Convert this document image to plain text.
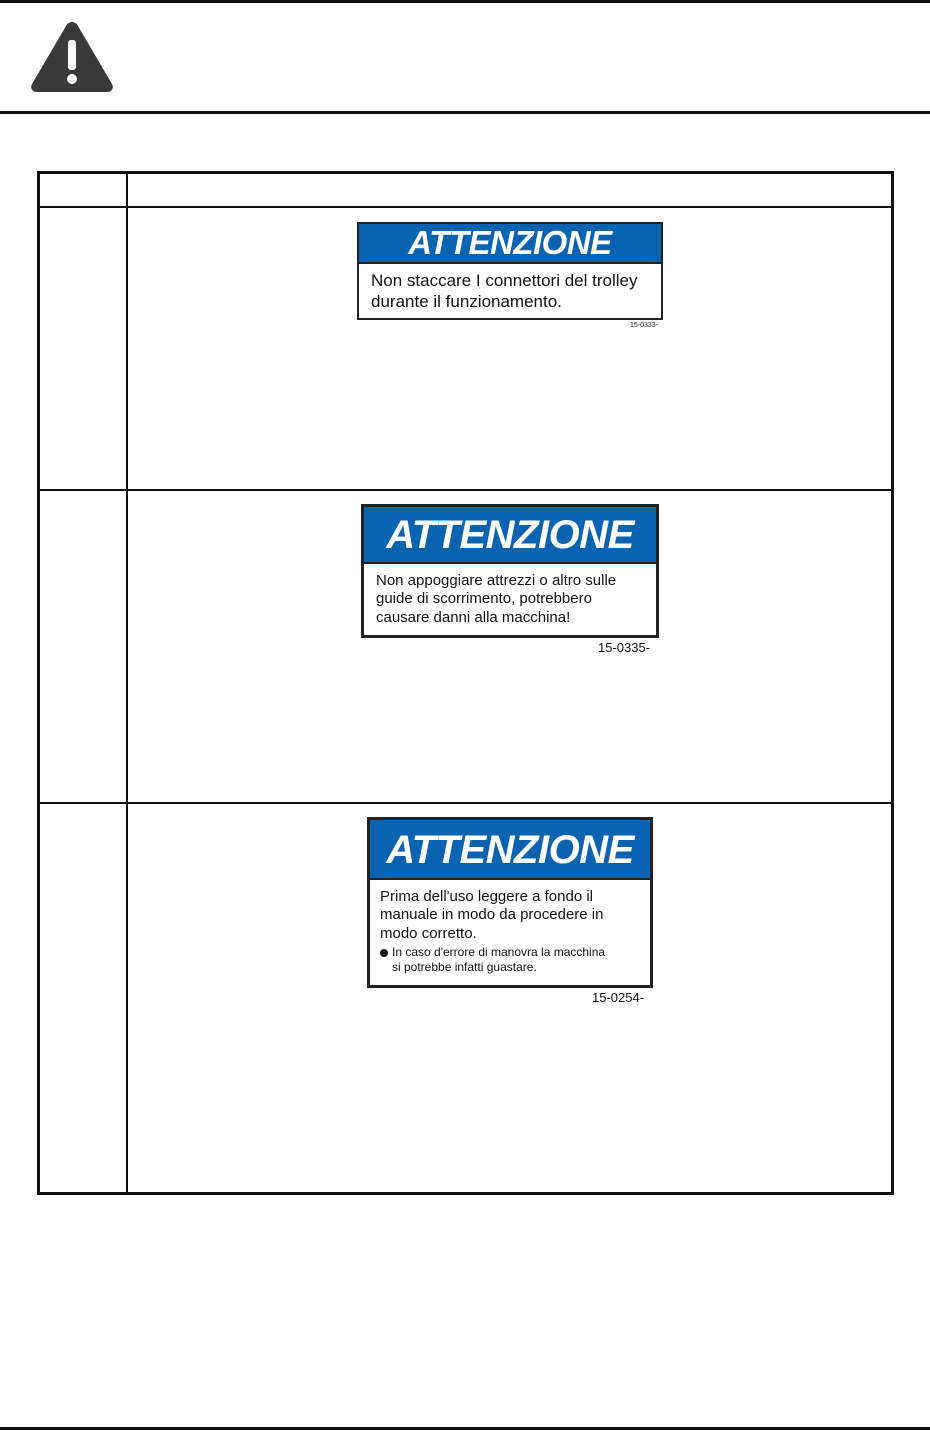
ATTENZIONE
Non staccare I connettori del trolley
durante il funzionamento.
15-0333-
ATTENZIONE
Non appoggiare attrezzi o altro sulle
guide di scorrimento, potrebbero
causare danni alla macchina!
15-0335-
ATTENZIONE
Prima dell'uso leggere a fondo il
manuale in modo da procedere in
modo corretto.
In caso d'errore di manovra la macchina
si potrebbe infatti guastare.
15-0254-
